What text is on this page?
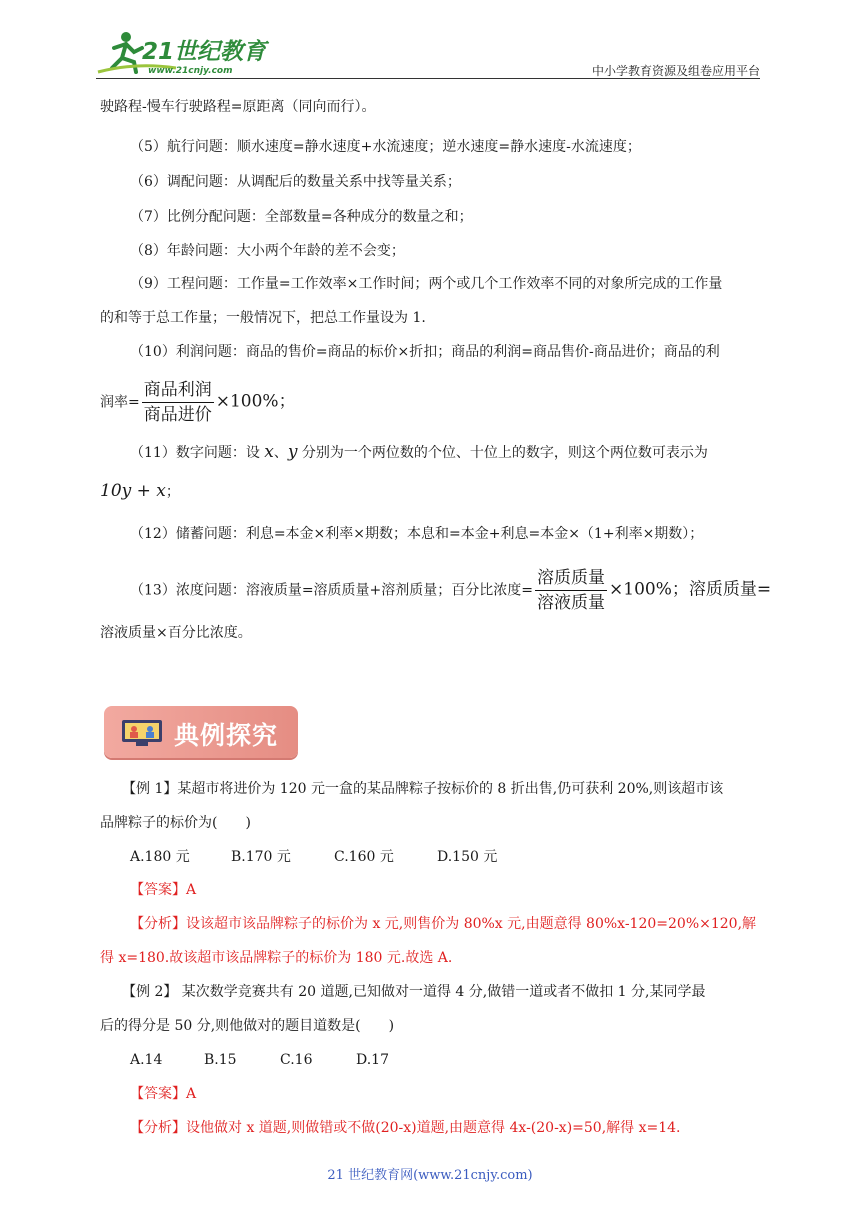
21世纪教育
www.21cnjy.com	中小学教育资源及组卷应用平台
驶路程-慢车行驶路程=原距离（同向而行）。
（5）航行问题：顺水速度=静水速度+水流速度；逆水速度=静水速度-水流速度；
（6）调配问题：从调配后的数量关系中找等量关系；
（7）比例分配问题：全部数量=各种成分的数量之和；
（8）年龄问题：大小两个年龄的差不会变；
（9）工程问题：工作量=工作效率×工作时间；两个或几个工作效率不同的对象所完成的工作量
的和等于总工作量；一般情况下，把总工作量设为 1.
（10）利润问题：商品的售价=商品的标价×折扣；商品的利润=商品售价-商品进价；商品的利
润率= $\frac{\text{商品利润}}{\text{商品进价}} \times 100\%$；
（11）数字问题：设 x、y 分别为一个两位数的个位、十位上的数字，则这个两位数可表示为
10y + x；
（12）储蓄问题：利息=本金×利率×期数；本息和=本金+利息=本金×（1+利率×期数）；
（13）浓度问题：溶液质量=溶质质量+溶剂质量；百分比浓度= $\frac{\text{溶质质量}}{\text{溶液质量}} \times 100\%$；溶质质量=
溶液质量×百分比浓度。
典例探究
【例 1】某超市将进价为 120 元一盒的某品牌粽子按标价的 8 折出售,仍可获利 20%,则该超市该
品牌粽子的标价为(　　)
A.180 元	B.170 元	C.160 元	D.150 元
【答案】A
【分析】设该超市该品牌粽子的标价为 x 元,则售价为 80%x 元,由题意得 80%x-120=20%×120,解
得 x=180.故该超市该品牌粽子的标价为 180 元.故选 A.
【例 2】 某次数学竞赛共有 20 道题,已知做对一道得 4 分,做错一道或者不做扣 1 分,某同学最
后的得分是 50 分,则他做对的题目道数是(　　)
A.14	B.15	C.16	D.17
【答案】A
【分析】设他做对 x 道题,则做错或不做(20-x)道题,由题意得 4x-(20-x)=50,解得 x=14.
21 世纪教育网(www.21cnjy.com)
